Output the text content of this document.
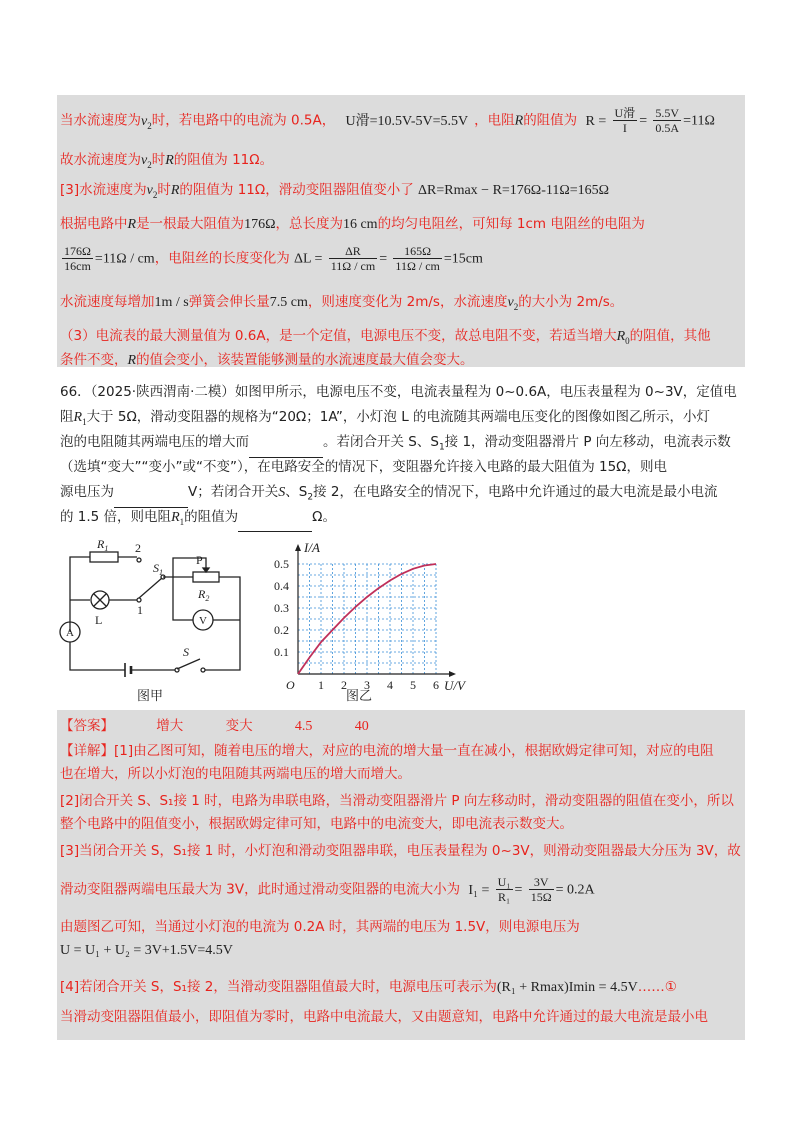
当水流速度为$v_2$时，若电路中的电流为 0.5A， U滑=10.5V-5V=5.5V ，电阻R的阻值为 $R = \frac{\text{U滑}}{I} = \frac{5.5V}{0.5A} =11\Omega$
故水流速度为$v_2$时R的阻值为 11Ω。
[3]水流速度为$v_2$时R的阻值为 11Ω，滑动变阻器阻值变小了 ΔR=Rmax − R=176Ω-11Ω=165Ω
根据电路中R是一根最大阻值为176Ω，总长度为16 cm的均匀电阻丝，可知每 1cm 电阻丝的电阻为
$\frac{176\Omega}{16cm} =11\Omega$ / cm，电阻丝的长度变化为 $\Delta L = \frac{\Delta R}{11\Omega / cm} = \frac{165\Omega}{11\Omega / cm} =15cm$
水流速度每增加1m / s弹簧会伸长量7.5 cm，则速度变化为 2m/s，水流速度$v_2$的大小为 2m/s。
（3）电流表的最大测量值为 0.6A，是一个定值，电源电压不变，故总电阻不变，若适当增大$R_0$的阻值，其他
条件不变，R的值会变小，该装置能够测量的水流速度最大值会变大。
66．（2025·陕西渭南·二模）如图甲所示，电源电压不变，电流表量程为 0~0.6A，电压表量程为 0~3V，定值电
阻$R_1$大于 5Ω，滑动变阻器的规格为“20Ω；1A”，小灯泡 L 的电流随其两端电压变化的图像如图乙所示，小灯
泡的电阻随其两端电压的增大而	。若闭合开关 S、$S_1$接 1，滑动变阻器滑片 P 向左移动，电流表示数
（选填“变大”“变小”或“不变”），在电路安全的情况下，变阻器允许接入电路的最大阻值为 15Ω，则电
源电压为	V；若闭合开关S、$S_2$接 2，在电路安全的情况下，电路中允许通过的最大电流是最小电流
的 1.5 倍，则电阻$R_1$的阻值为	Ω。
$R_1$ 2
$S_1$
P
$R_2$
L
1
A
V
S
图甲
O 1 2 3 4 5 6
0.1
0.2
0.3
0.4
0.5
I/A
U/V
图乙
【答案】	增大	变大	4.5	40
【详解】[1]由乙图可知，随着电压的增大，对应的电流的增大量一直在减小，根据欧姆定律可知，对应的电阻
也在增大，所以小灯泡的电阻随其两端电压的增大而增大。
[2]闭合开关 S、S₁接 1 时，电路为串联电路，当滑动变阻器滑片 P 向左移动时，滑动变阻器的阻值在变小，所以
整个电路中的阻值变小，根据欧姆定律可知，电路中的电流变大，即电流表示数变大。
[3]当闭合开关 S，S₁接 1 时，小灯泡和滑动变阻器串联，电压表量程为 0~3V，则滑动变阻器最大分压为 3V，故
滑动变阻器两端电压最大为 3V，此时通过滑动变阻器的电流大小为 $I_1 = \frac{\text{U₁}}{\text{R₁}} = \frac{3V}{15\Omega} = 0.2A$
由题图乙可知，当通过小灯泡的电流为 0.2A 时，其两端的电压为 1.5V，则电源电压为
U = U₁ + U₂ = 3V+1.5V=4.5V
[4]若闭合开关 S，S₁接 2，当滑动变阻器阻值最大时，电源电压可表示为(R₁ + Rmax)Imin = 4.5V……①
当滑动变阻器阻值最小，即阻值为零时，电路中电流最大，又由题意知，电路中允许通过的最大电流是最小电
